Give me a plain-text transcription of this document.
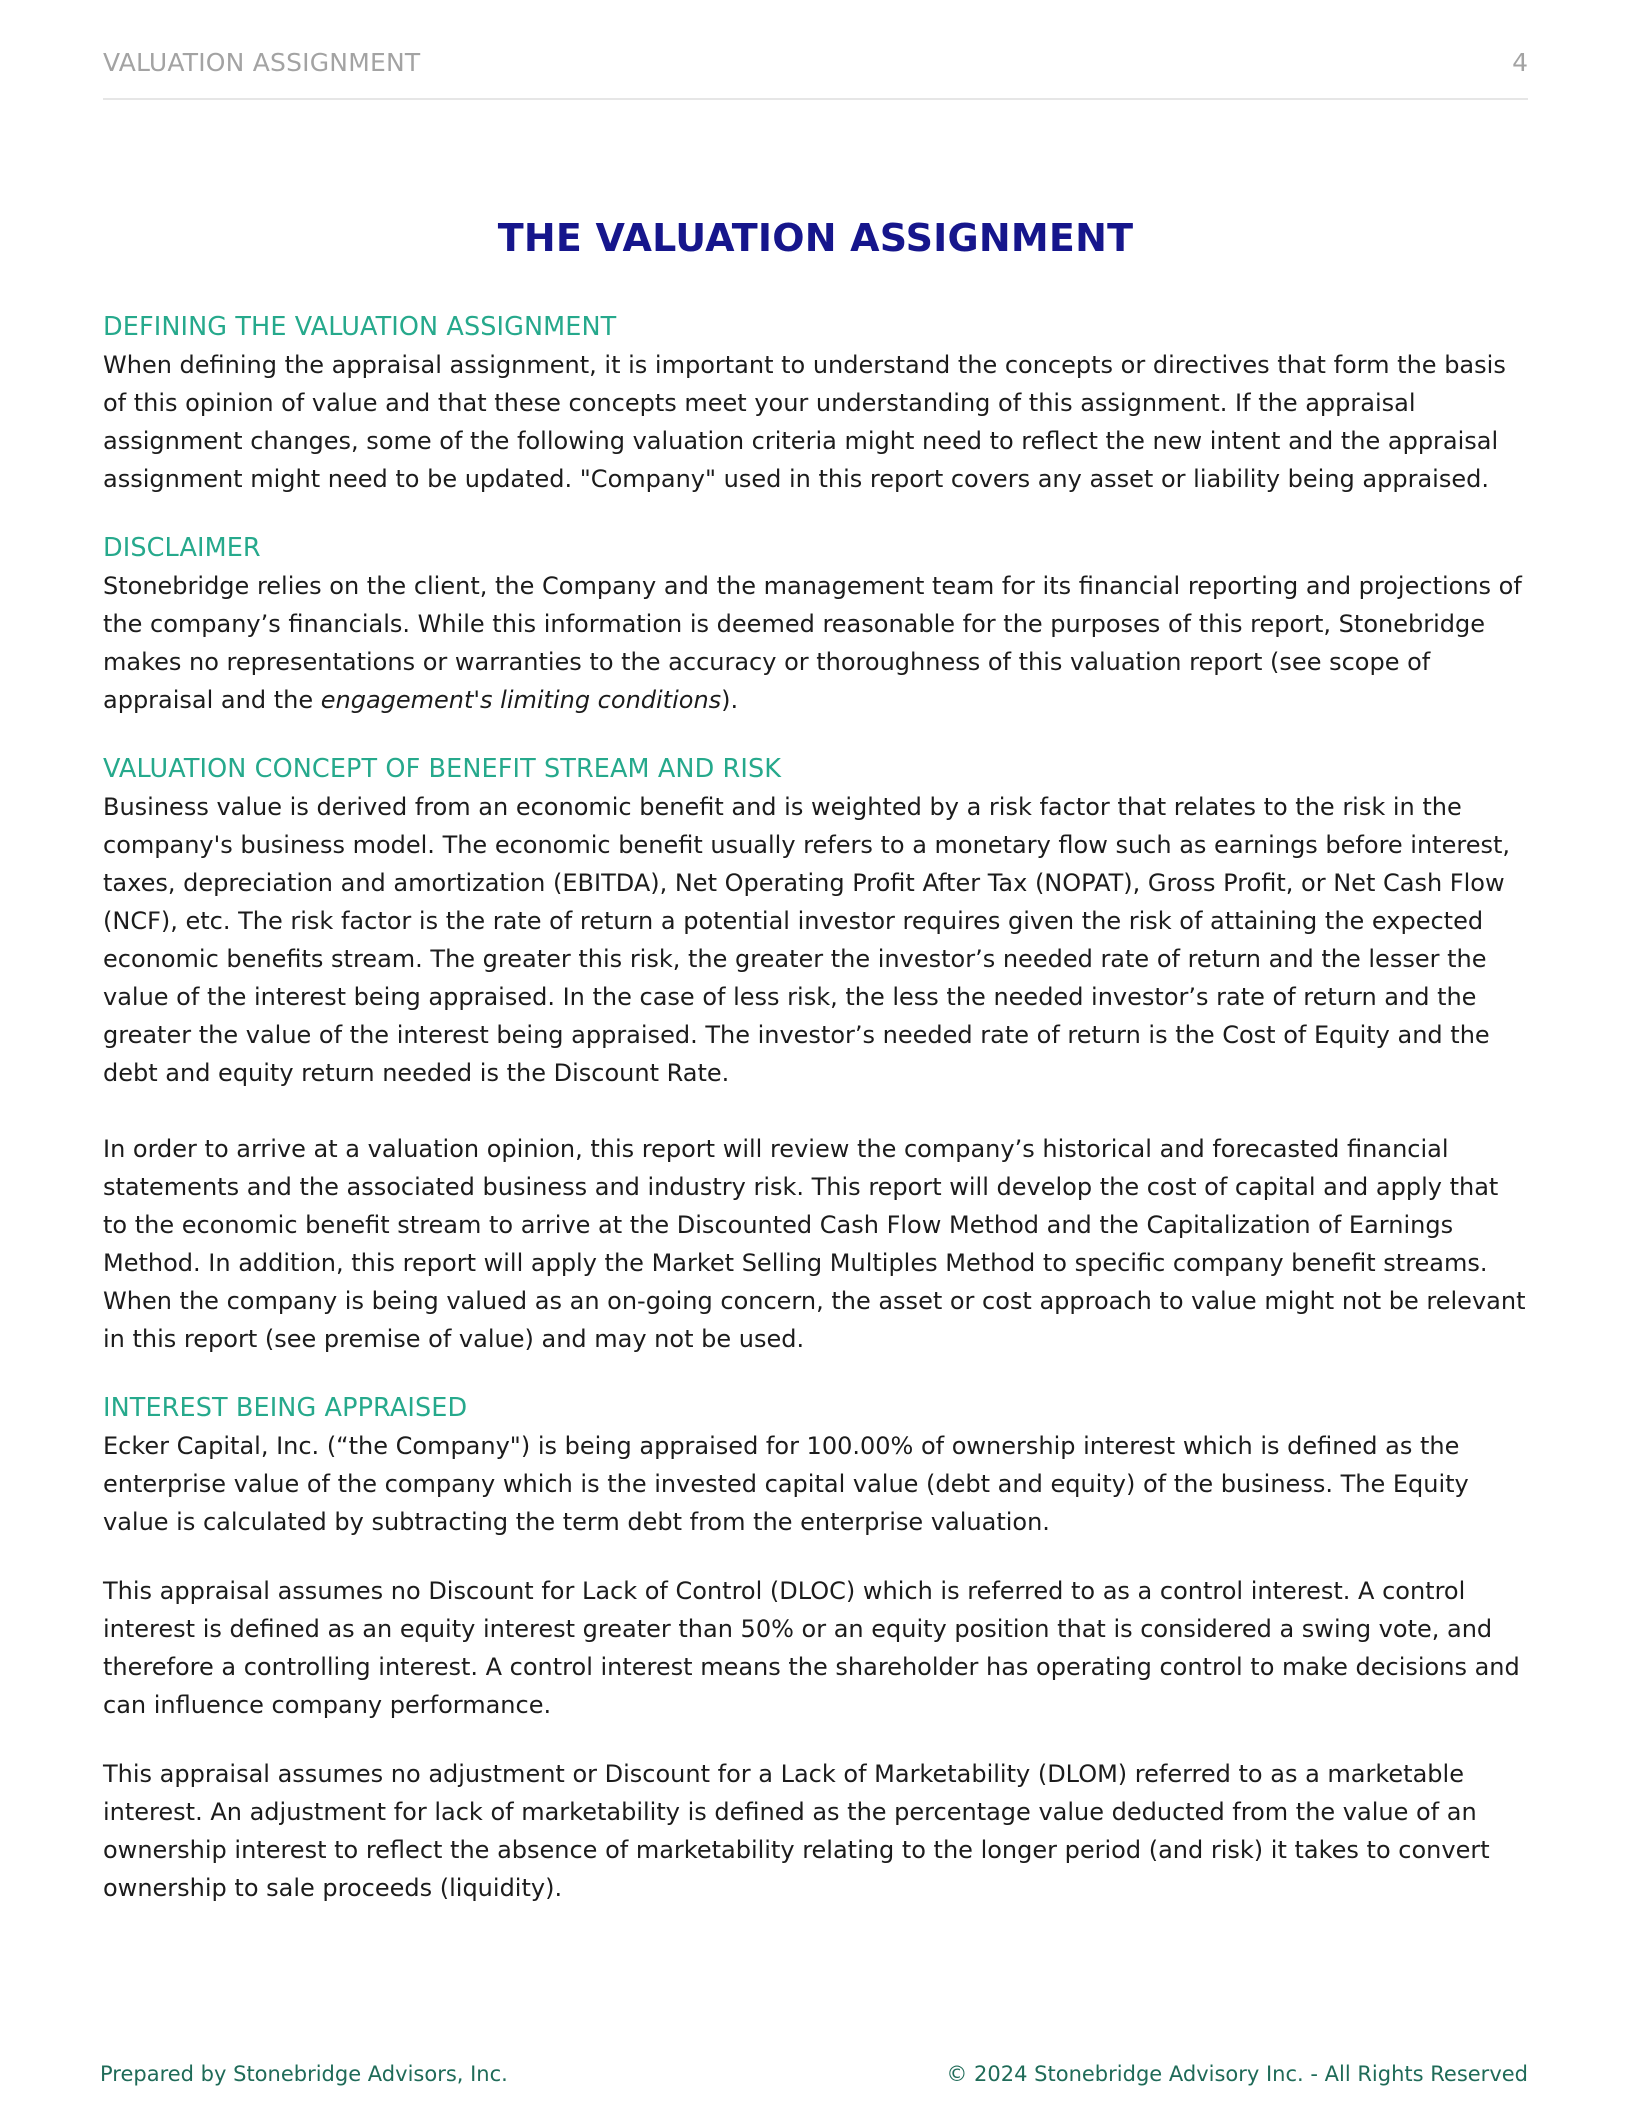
VALUATION ASSIGNMENT	4
THE VALUATION ASSIGNMENT
DEFINING THE VALUATION ASSIGNMENT

When defining the appraisal assignment, it is important to understand the concepts or directives that form the basis of this opinion of value and that these concepts meet your understanding of this assignment. If the appraisal assignment changes, some of the following valuation criteria might need to reflect the new intent and the appraisal assignment might need to be updated. "Company" used in this report covers any asset or liability being appraised.

DISCLAIMER

Stonebridge relies on the client, the Company and the management team for its financial reporting and projections of the company’s financials. While this information is deemed reasonable for the purposes of this report, Stonebridge makes no representations or warranties to the accuracy or thoroughness of this valuation report (see scope of appraisal and the engagement's limiting conditions).

VALUATION CONCEPT OF BENEFIT STREAM AND RISK

Business value is derived from an economic benefit and is weighted by a risk factor that relates to the risk in the company's business model. The economic benefit usually refers to a monetary flow such as earnings before interest, taxes, depreciation and amortization (EBITDA), Net Operating Profit After Tax (NOPAT), Gross Profit, or Net Cash Flow (NCF), etc. The risk factor is the rate of return a potential investor requires given the risk of attaining the expected economic benefits stream. The greater this risk, the greater the investor’s needed rate of return and the lesser the value of the interest being appraised. In the case of less risk, the less the needed investor’s rate of return and the greater the value of the interest being appraised. The investor’s needed rate of return is the Cost of Equity and the debt and equity return needed is the Discount Rate.

In order to arrive at a valuation opinion, this report will review the company’s historical and forecasted financial statements and the associated business and industry risk. This report will develop the cost of capital and apply that to the economic benefit stream to arrive at the Discounted Cash Flow Method and the Capitalization of Earnings Method. In addition, this report will apply the Market Selling Multiples Method to specific company benefit streams. When the company is being valued as an on-going concern, the asset or cost approach to value might not be relevant in this report (see premise of value) and may not be used.

INTEREST BEING APPRAISED

Ecker Capital, Inc. (“the Company") is being appraised for 100.00% of ownership interest which is defined as the enterprise value of the company which is the invested capital value (debt and equity) of the business. The Equity value is calculated by subtracting the term debt from the enterprise valuation.

This appraisal assumes no Discount for Lack of Control (DLOC) which is referred to as a control interest. A control interest is defined as an equity interest greater than 50% or an equity position that is considered a swing vote, and therefore a controlling interest. A control interest means the shareholder has operating control to make decisions and can influence company performance.

This appraisal assumes no adjustment or Discount for a Lack of Marketability (DLOM) referred to as a marketable interest. An adjustment for lack of marketability is defined as the percentage value deducted from the value of an ownership interest to reflect the absence of marketability relating to the longer period (and risk) it takes to convert ownership to sale proceeds (liquidity).

Prepared by Stonebridge Advisors, Inc.	© 2024 Stonebridge Advisory Inc. - All Rights Reserved
